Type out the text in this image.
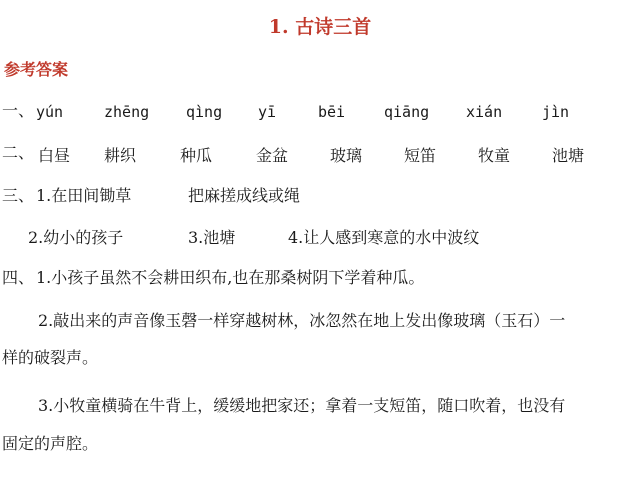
1. 古诗三首
参考答案
一、 yún	zhēng qìng yī	bēi	qiāng xián	jìn
二、 白昼 耕织	种瓜	金盆	玻璃	短笛	牧童	池塘
三、 1.在田间锄草	把麻搓成线或绳
2.幼小的孩子	3.池塘	4.让人感到寒意的水中波纹
四、 1.小孩子虽然不会耕田织布,也在那桑树阴下学着种瓜。
2.敲出来的声音像玉磬一样穿越树林，冰忽然在地上发出像玻璃（玉石）一
样的破裂声。
3.小牧童横骑在牛背上，缓缓地把家还；拿着一支短笛，随口吹着，也没有
固定的声腔。
